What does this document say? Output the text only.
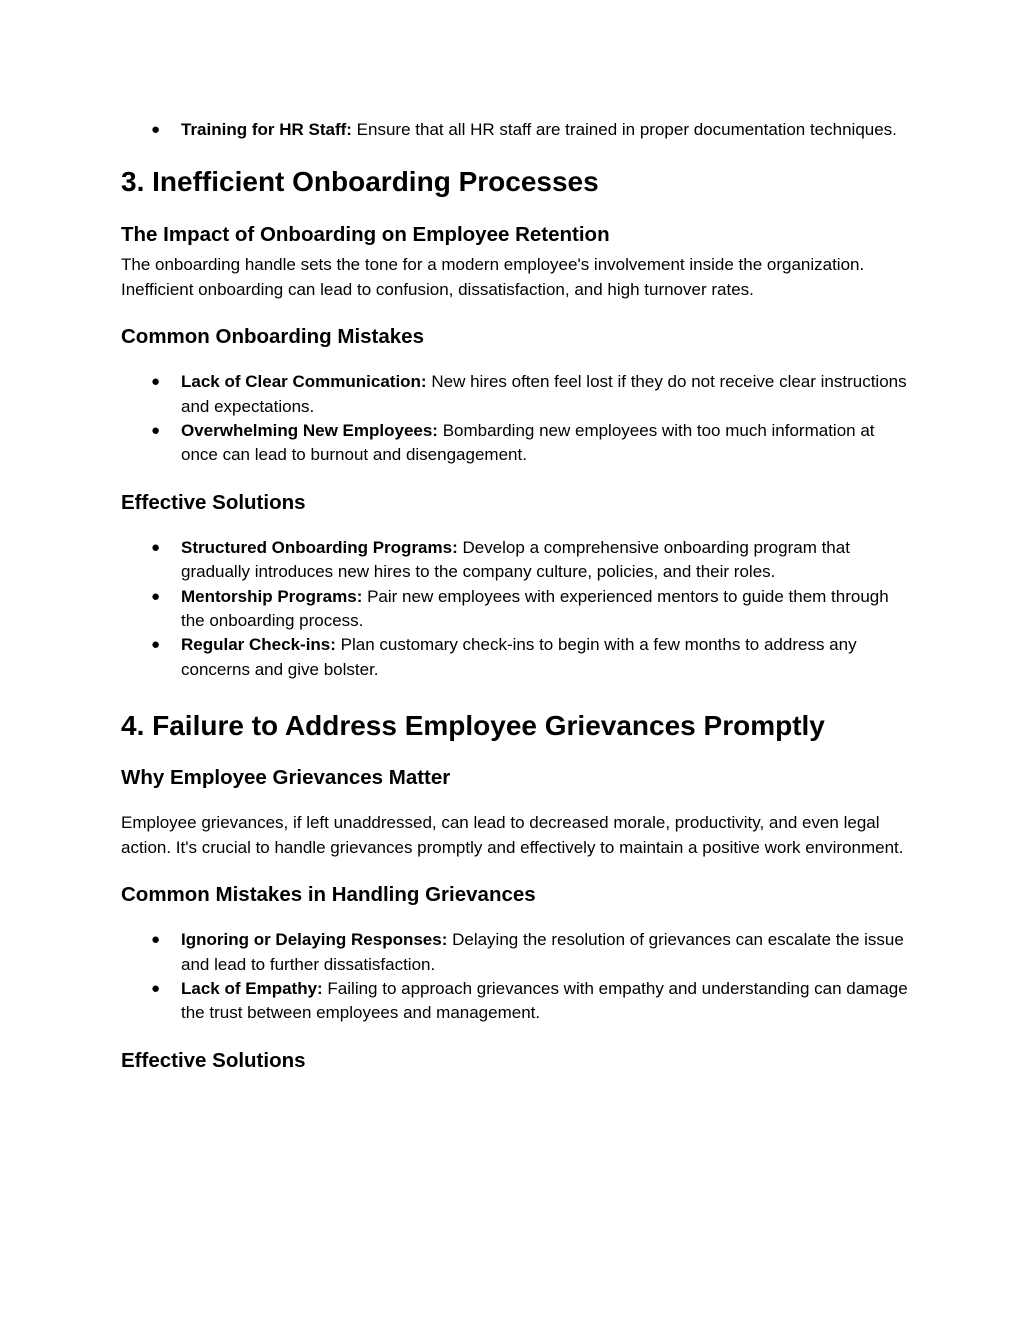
● Training for HR Staff: Ensure that all HR staff are trained in proper documentation techniques.
3. Inefficient Onboarding Processes
The Impact of Onboarding on Employee Retention

The onboarding handle sets the tone for a modern employee's involvement inside the organization. Inefficient onboarding can lead to confusion, dissatisfaction, and high turnover rates.

Common Onboarding Mistakes
● Lack of Clear Communication: New hires often feel lost if they do not receive clear instructions and expectations.
● Overwhelming New Employees: Bombarding new employees with too much information at once can lead to burnout and disengagement.
Effective Solutions
● Structured Onboarding Programs: Develop a comprehensive onboarding program that gradually introduces new hires to the company culture, policies, and their roles.
● Mentorship Programs: Pair new employees with experienced mentors to guide them through the onboarding process.
● Regular Check-ins: Plan customary check-ins to begin with a few months to address any concerns and give bolster.
4. Failure to Address Employee Grievances Promptly
Why Employee Grievances Matter

Employee grievances, if left unaddressed, can lead to decreased morale, productivity, and even legal action. It's crucial to handle grievances promptly and effectively to maintain a positive work environment.

Common Mistakes in Handling Grievances
● Ignoring or Delaying Responses: Delaying the resolution of grievances can escalate the issue and lead to further dissatisfaction.
● Lack of Empathy: Failing to approach grievances with empathy and understanding can damage the trust between employees and management.
Effective Solutions
